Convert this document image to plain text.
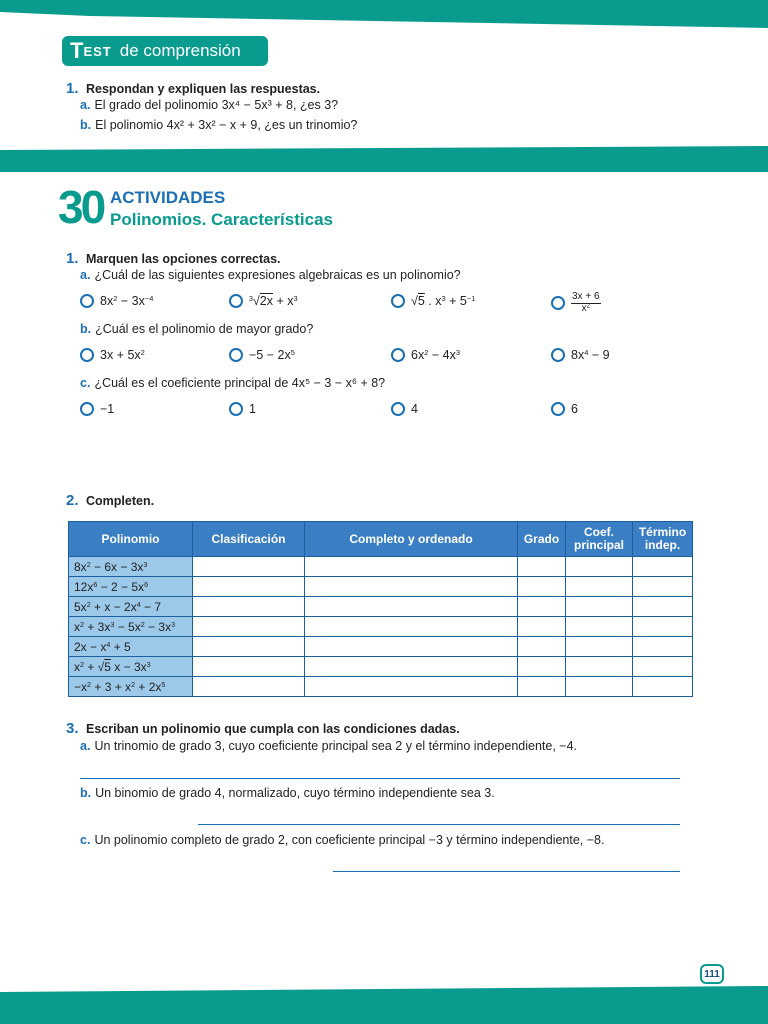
T EST de comprensión
1. Respondan y expliquen las respuestas.
a. El grado del polinomio 3x⁴ − 5x³ + 8, ¿es 3?
b. El polinomio 4x² + 3x² − x + 9, ¿es un trinomio?
30 ACTIVIDADES
Polinomios. Características
1. Marquen las opciones correctas.
a. ¿Cuál de las siguientes expresiones algebraicas es un polinomio?
$8x^2 - 3x^{-4}$	$^3√2x + x^3$	√5 . $x^3 + 5^{-1}$	$\frac{3x + 6}{x^2}$
b. ¿Cuál es el polinomio de mayor grado?
$3x + 5x^2$	$-5 - 2x^5$	$6x^2 - 4x^3$	$8x^4 - 9$
c. ¿Cuál es el coeficiente principal de 4x⁵ − 3 − x⁶ + 8?
−1	1	4	6
2. Completen.
Polinomio	Clasificación	Completo y ordenado	Grado	Coef. principal	Término indep.
$8x^2 - 6x - 3x^3$					
$12x^6 - 2 - 5x^6$					
$5x^2 + x - 2x^4 - 7$					
$x^2 + 3x^3 - 5x^2 - 3x^3$					
$2x - x^4 + 5$					
$x^2 + √5$ $x - 3x^3$					
$-x^2 + 3 + x^2 + 2x^5$					
3. Escriban un polinomio que cumpla con las condiciones dadas.
a. Un trinomio de grado 3, cuyo coeficiente principal sea 2 y el término independiente, −4.
b. Un binomio de grado 4, normalizado, cuyo término independiente sea 3.
c. Un polinomio completo de grado 2, con coeficiente principal −3 y término independiente, −8.
111
